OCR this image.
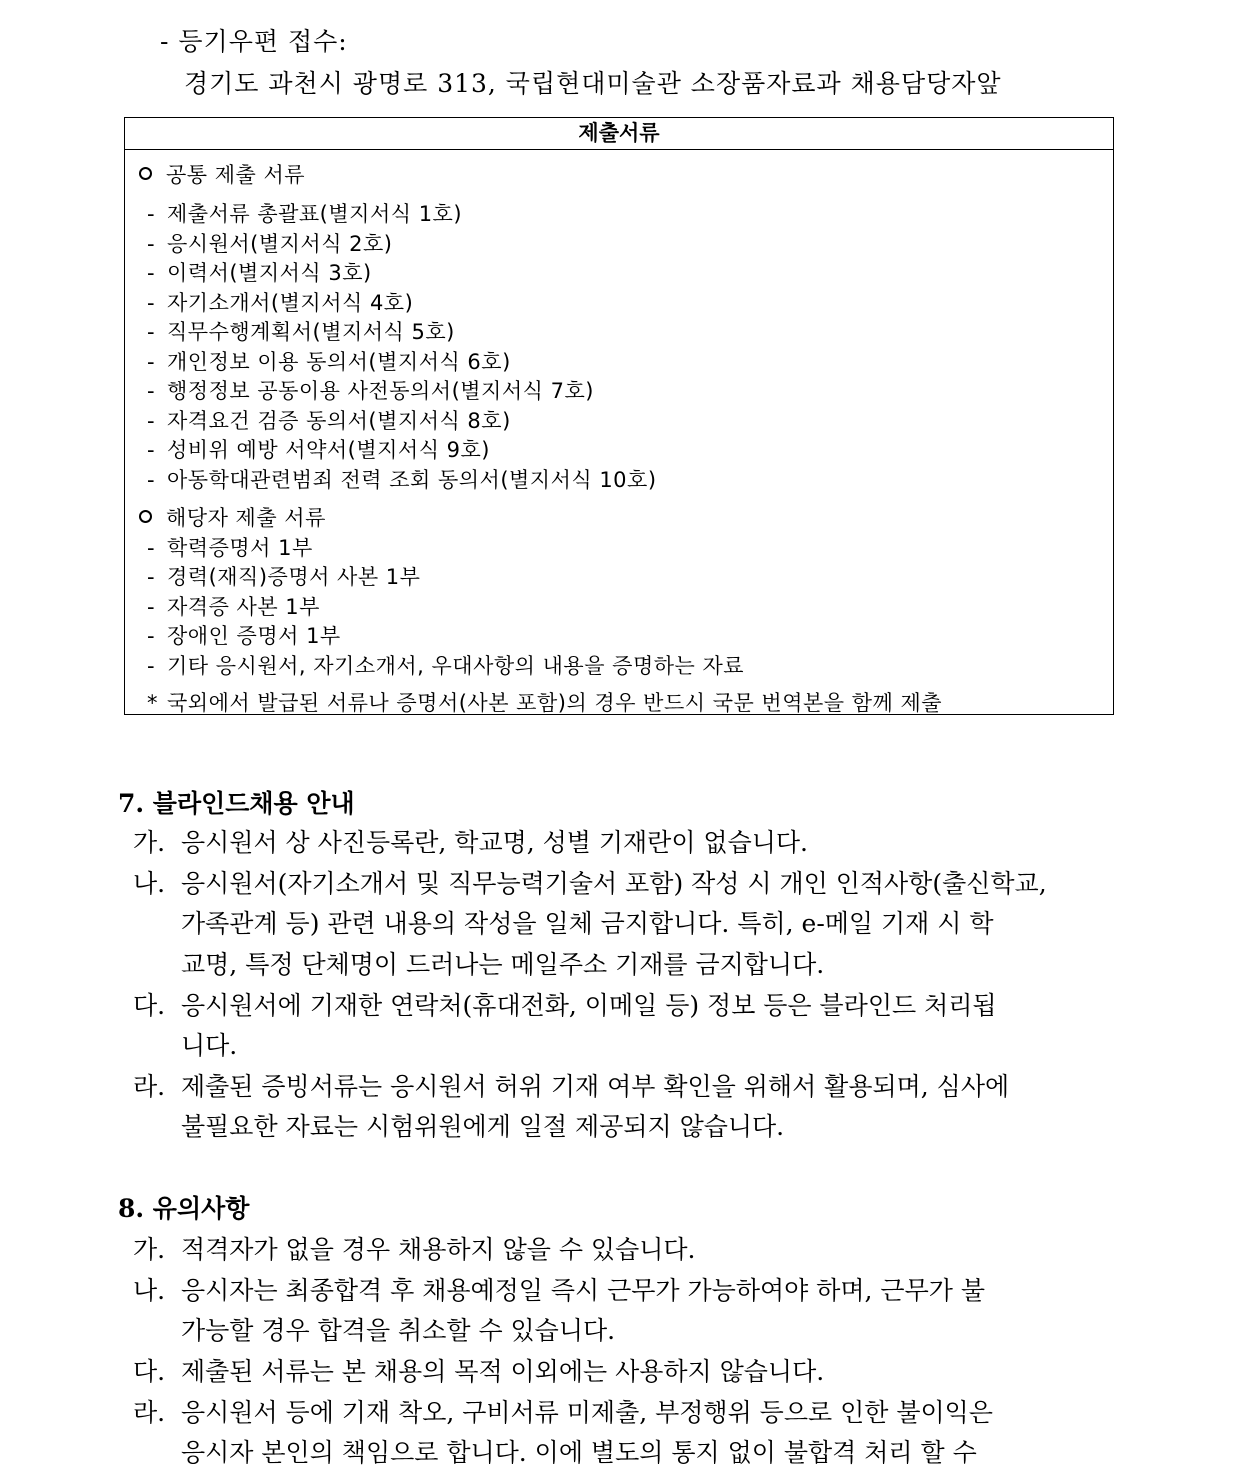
- 등기우편 접수:
경기도 과천시 광명로 313, 국립현대미술관 소장품자료과 채용담당자앞
제출서류
공통 제출 서류
- 제출서류 총괄표(별지서식 1호)
- 응시원서(별지서식 2호)
- 이력서(별지서식 3호)
- 자기소개서(별지서식 4호)
- 직무수행계획서(별지서식 5호)
- 개인정보 이용 동의서(별지서식 6호)
- 행정정보 공동이용 사전동의서(별지서식 7호)
- 자격요건 검증 동의서(별지서식 8호)
- 성비위 예방 서약서(별지서식 9호)
- 아동학대관련범죄 전력 조회 동의서(별지서식 10호)
해당자 제출 서류
- 학력증명서 1부
- 경력(재직)증명서 사본 1부
- 자격증 사본 1부
- 장애인 증명서 1부
- 기타 응시원서, 자기소개서, 우대사항의 내용을 증명하는 자료
* 국외에서 발급된 서류나 증명서(사본 포함)의 경우 반드시 국문 번역본을 함께 제출
7. 블라인드채용 안내
가. 응시원서 상 사진등록란, 학교명, 성별 기재란이 없습니다.
나. 응시원서(자기소개서 및 직무능력기술서 포함) 작성 시 개인 인적사항(출신학교,
가족관계 등) 관련 내용의 작성을 일체 금지합니다. 특히, e-메일 기재 시 학
교명, 특정 단체명이 드러나는 메일주소 기재를 금지합니다.
다. 응시원서에 기재한 연락처(휴대전화, 이메일 등) 정보 등은 블라인드 처리됩
니다.
라. 제출된 증빙서류는 응시원서 허위 기재 여부 확인을 위해서 활용되며, 심사에
불필요한 자료는 시험위원에게 일절 제공되지 않습니다.
8. 유의사항
가. 적격자가 없을 경우 채용하지 않을 수 있습니다.
나. 응시자는 최종합격 후 채용예정일 즉시 근무가 가능하여야 하며, 근무가 불
가능할 경우 합격을 취소할 수 있습니다.
다. 제출된 서류는 본 채용의 목적 이외에는 사용하지 않습니다.
라. 응시원서 등에 기재 착오, 구비서류 미제출, 부정행위 등으로 인한 불이익은
응시자 본인의 책임으로 합니다. 이에 별도의 통지 없이 불합격 처리 할 수
